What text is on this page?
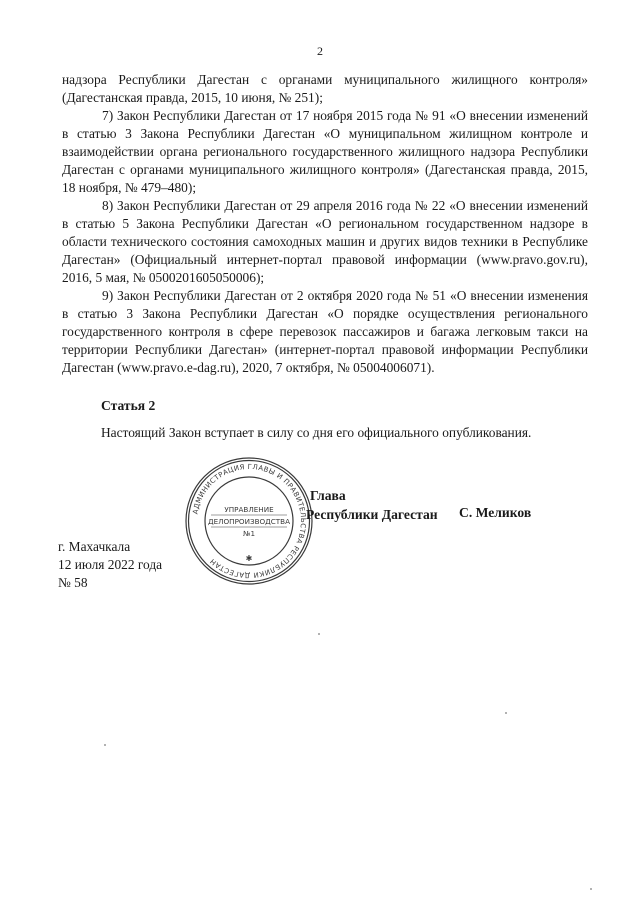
2

надзора Республики Дагестан с органами муниципального жилищного контроля» (Дагестанская правда, 2015, 10 июня, № 251);

7) Закон Республики Дагестан от 17 ноября 2015 года № 91 «О внесении изменений в статью 3 Закона Республики Дагестан «О муниципальном жилищном контроле и взаимодействии органа регионального государственного жилищного надзора Республики Дагестан с органами муниципального жилищного контроля» (Дагестанская правда, 2015, 18 ноября, № 479–480);

8) Закон Республики Дагестан от 29 апреля 2016 года № 22 «О внесении изменений в статью 5 Закона Республики Дагестан «О региональном государственном надзоре в области технического состояния самоходных машин и других видов техники в Республике Дагестан» (Официальный интернет-портал правовой информации (www.pravo.gov.ru), 2016, 5 мая, № 0500201605050006);

9) Закон Республики Дагестан от 2 октября 2020 года № 51 «О внесении изменения в статью 3 Закона Республики Дагестан «О порядке осуществления регионального государственного контроля в сфере перевозок пассажиров и багажа легковым такси на территории Республики Дагестан» (интернет-портал правовой информации Республики Дагестан (www.pravo.e-dag.ru), 2020, 7 октября, № 05004006071).

Статья 2
Настоящий Закон вступает в силу со дня его официального опубликования.
АДМИНИСТРАЦИЯ ГЛАВЫ И ПРАВИТЕЛЬСТВА РЕСПУБЛИКИ ДАГЕСТАН	✱
УПРАВЛЕНИЕ
ДЕЛОПРОИЗВОДСТВА
№1
Глава
Республики Дагестан С. Меликов
г. Махачкала
12 июля 2022 года
№ 58
